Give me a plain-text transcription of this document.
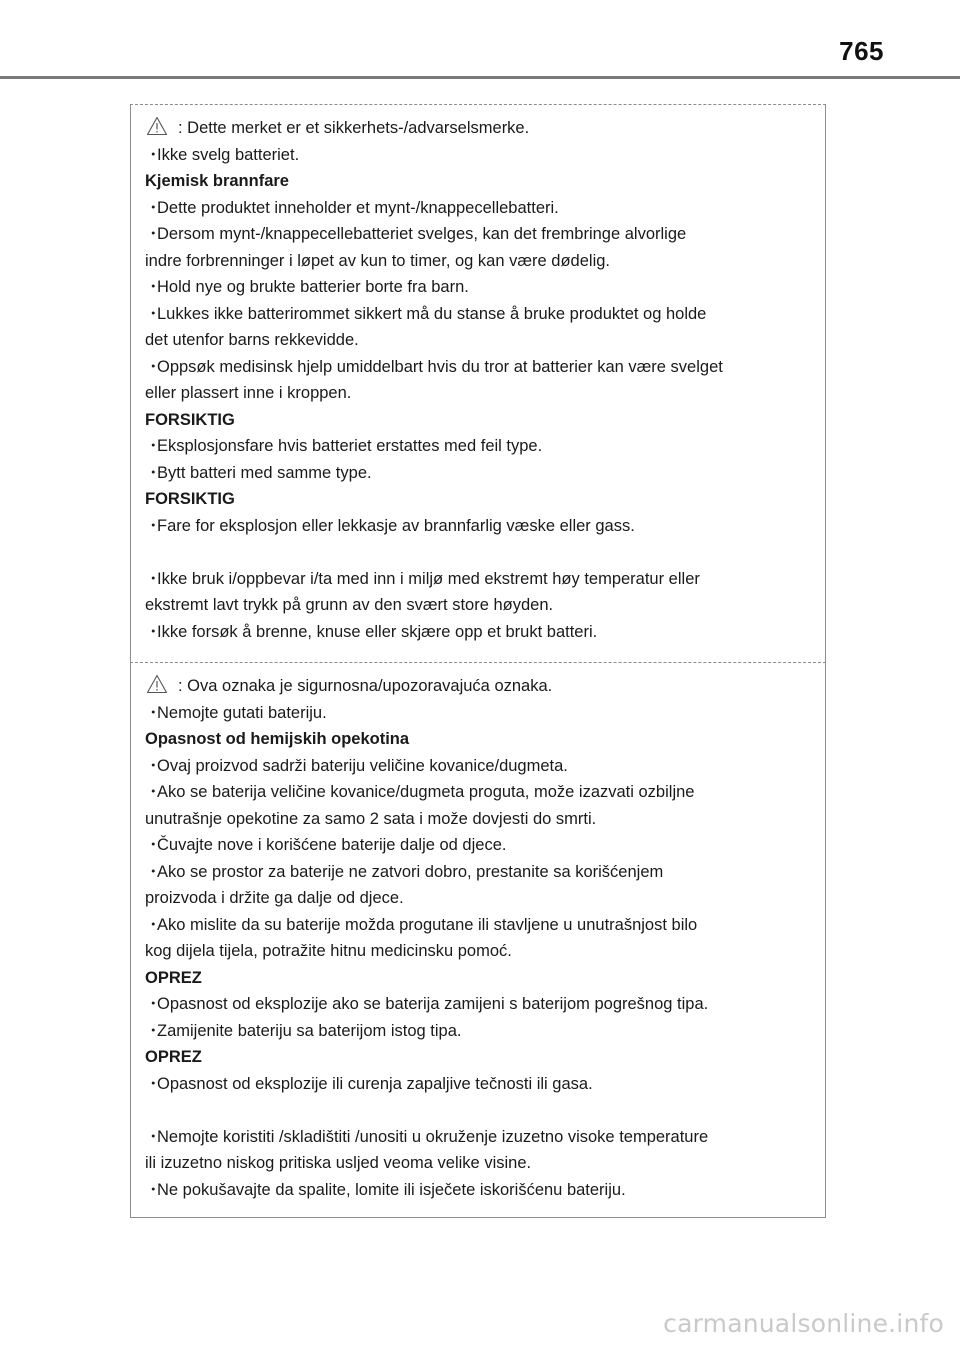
765
: Dette merket er et sikkerhets-/advarselsmerke.
・Ikke svelg batteriet.
Kjemisk brannfare
・Dette produktet inneholder et mynt-/knappecellebatteri.
・Dersom mynt-/knappecellebatteriet svelges, kan det frembringe alvorlige
indre forbrenninger i løpet av kun to timer, og kan være dødelig.
・Hold nye og brukte batterier borte fra barn.
・Lukkes ikke batterirommet sikkert må du stanse å bruke produktet og holde
det utenfor barns rekkevidde.
・Oppsøk medisinsk hjelp umiddelbart hvis du tror at batterier kan være svelget
eller plassert inne i kroppen.
FORSIKTIG
・Eksplosjonsfare hvis batteriet erstattes med feil type.
・Bytt batteri med samme type.
FORSIKTIG
・Fare for eksplosjon eller lekkasje av brannfarlig væske eller gass.
・Ikke bruk i/oppbevar i/ta med inn i miljø med ekstremt høy temperatur eller
ekstremt lavt trykk på grunn av den svært store høyden.
・Ikke forsøk å brenne, knuse eller skjære opp et brukt batteri.
: Ova oznaka je sigurnosna/upozoravajuća oznaka.
・Nemojte gutati bateriju.
Opasnost od hemijskih opekotina
・Ovaj proizvod sadrži bateriju veličine kovanice/dugmeta.
・Ako se baterija veličine kovanice/dugmeta proguta, može izazvati ozbiljne
unutrašnje opekotine za samo 2 sata i može dovjesti do smrti.
・Čuvajte nove i korišćene baterije dalje od djece.
・Ako se prostor za baterije ne zatvori dobro, prestanite sa korišćenjem
proizvoda i držite ga dalje od djece.
・Ako mislite da su baterije možda progutane ili stavljene u unutrašnjost bilo
kog dijela tijela, potražite hitnu medicinsku pomoć.
OPREZ
・Opasnost od eksplozije ako se baterija zamijeni s baterijom pogrešnog tipa.
・Zamijenite bateriju sa baterijom istog tipa.
OPREZ
・Opasnost od eksplozije ili curenja zapaljive tečnosti ili gasa.
・Nemojte koristiti /skladištiti /unositi u okruženje izuzetno visoke temperature
ili izuzetno niskog pritiska usljed veoma velike visine.
・Ne pokušavajte da spalite, lomite ili isječete iskorišćenu bateriju.
carmanualsonline.info
